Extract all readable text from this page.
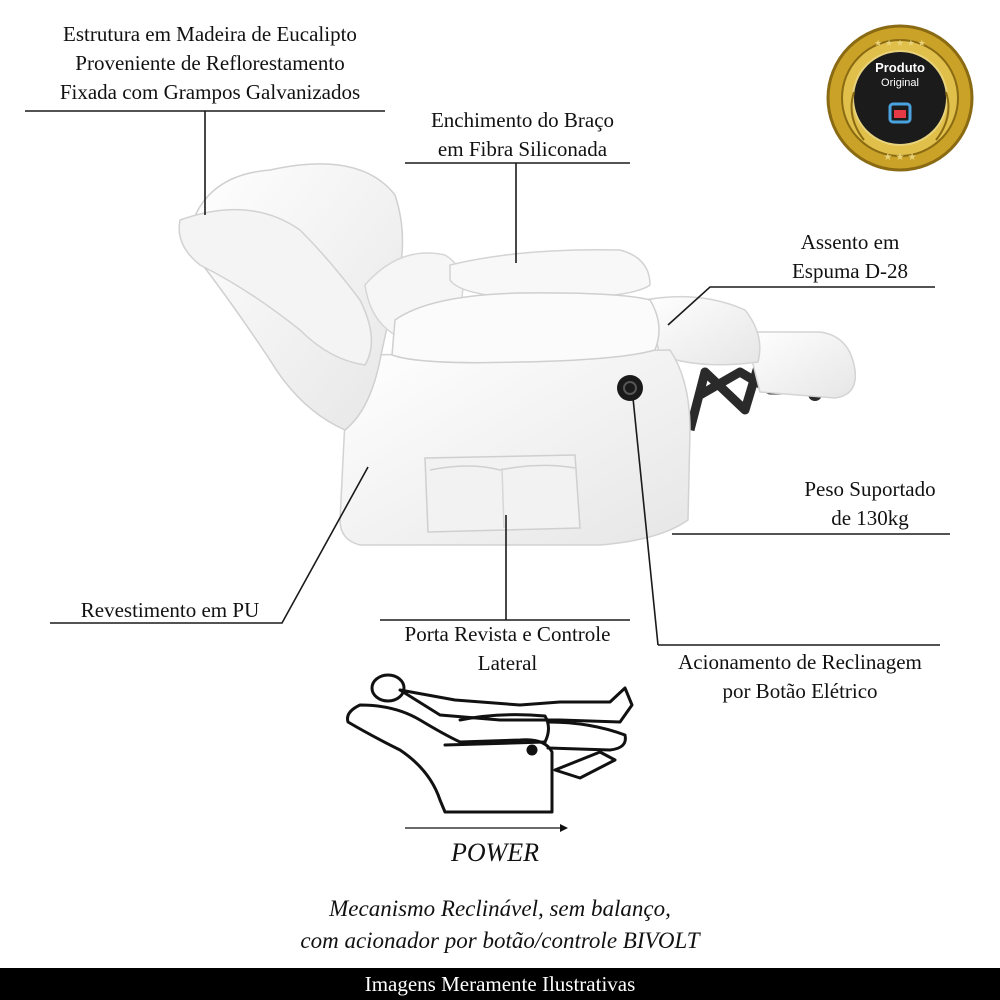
★ ★ ★ ★ ★
★ ★ ★
Produto
Original
Estrutura em Madeira de Eucalipto
Proveniente de Reflorestamento
Fixada com Grampos Galvanizados
Enchimento do Braço
em Fibra Siliconada
Assento em
Espuma D-28
Peso Suportado
de 130kg
Revestimento em PU
Porta Revista e Controle
Lateral	Acionamento de Reclinagem
por Botão Elétrico
POWER
Mecanismo Reclinável, sem balanço,
com acionador por botão/controle BIVOLT
Imagens Meramente Ilustrativas
